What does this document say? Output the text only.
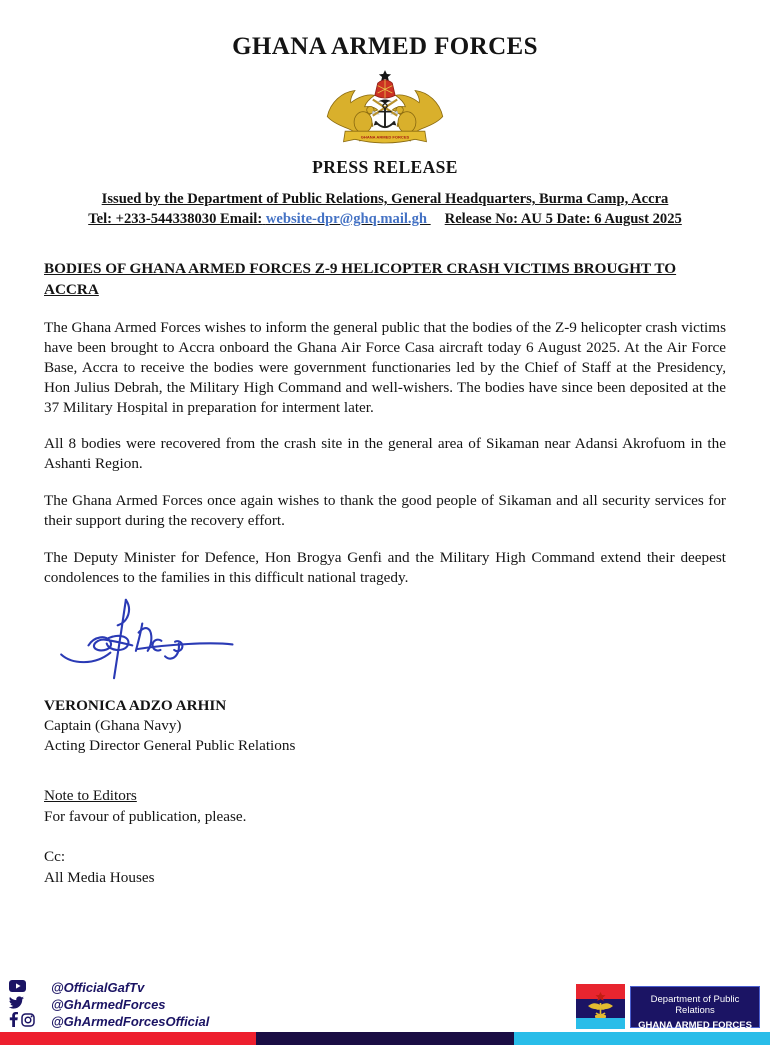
GHANA ARMED FORCES
GHANA ARMED FORCES
PRESS RELEASE
Issued by the Department of Public Relations, General Headquarters, Burma Camp, Accra
Tel: +233-544338030 Email: website-dpr@ghq.mail.gh Release No: AU 5 Date: 6 August 2025
BODIES OF GHANA ARMED FORCES Z-9 HELICOPTER CRASH VICTIMS BROUGHT TO ACCRA

The Ghana Armed Forces wishes to inform the general public that the bodies of the Z-9 helicopter crash victims have been brought to Accra onboard the Ghana Air Force Casa aircraft today 6 August 2025. At the Air Force Base, Accra to receive the bodies were government functionaries led by the Chief of Staff at the Presidency, Hon Julius Debrah, the Military High Command and well-wishers. The bodies have since been deposited at the 37 Military Hospital in preparation for interment later.

All 8 bodies were recovered from the crash site in the general area of Sikaman near Adansi Akrofuom in the Ashanti Region.

The Ghana Armed Forces once again wishes to thank the good people of Sikaman and all security services for their support during the recovery effort.

The Deputy Minister for Defence, Hon Brogya Genfi and the Military High Command extend their deepest condolences to the families in this difficult national tragedy.

VERONICA ADZO ARHIN
Captain (Ghana Navy)
Acting Director General Public Relations
Note to Editors
For favour of publication, please.
Cc:
All Media Houses
@OfficialGafTv
@GhArmedForces
@GhArmedForcesOfficial
Department of Public Relations
GHANA ARMED FORCES
